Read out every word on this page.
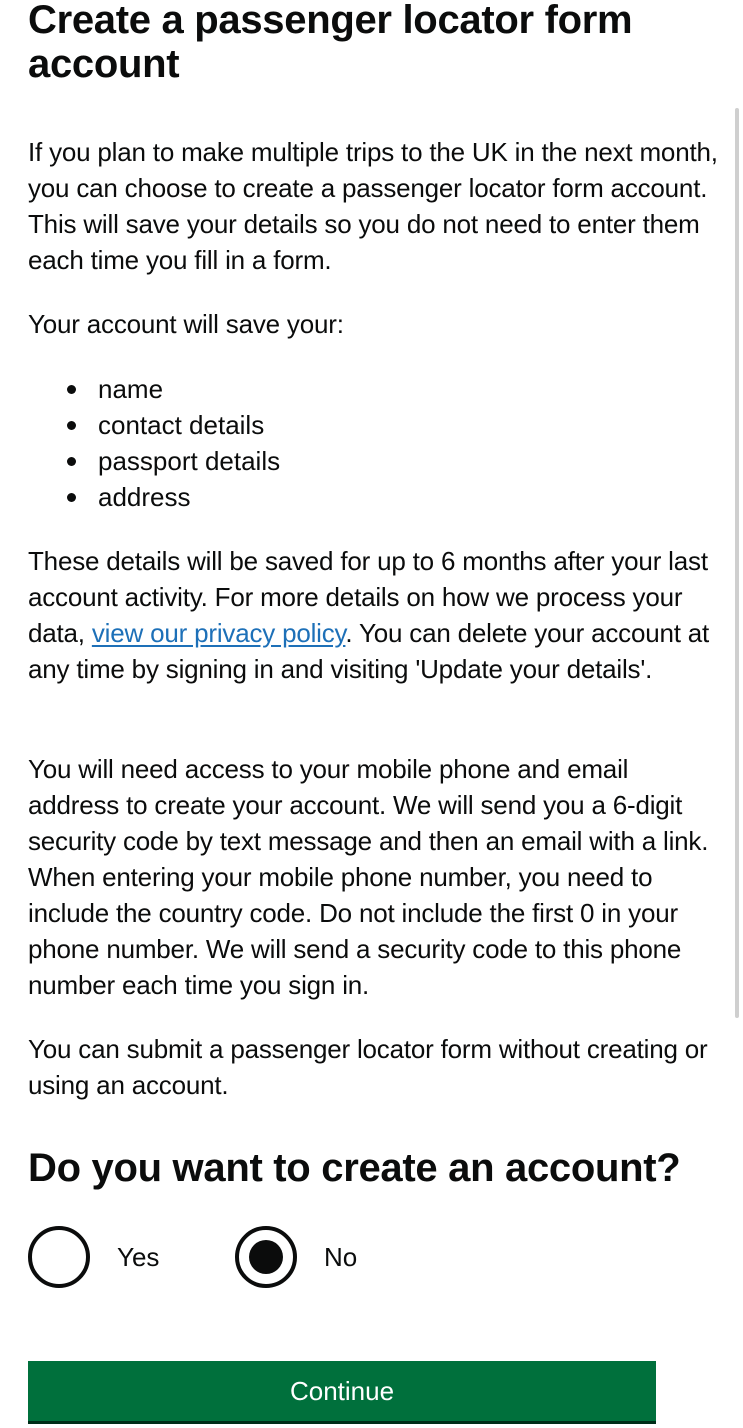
Create a passenger locator form account

If you plan to make multiple trips to the UK in the next month, you can choose to create a passenger locator form account. This will save your details so you do not need to enter them each time you fill in a form.

Your account will save your:

name
contact details
passport details
address

These details will be saved for up to 6 months after your last account activity. For more details on how we process your data, view our privacy policy. You can delete your account at any time by signing in and visiting 'Update your details'.

You will need access to your mobile phone and email address to create your account. We will send you a 6-digit security code by text message and then an email with a link. When entering your mobile phone number, you need to include the country code. Do not include the first 0 in your phone number. We will send a security code to this phone number each time you sign in.

You can submit a passenger locator form without creating or using an account.

Do you want to create an account?
Yes	No
Continue
